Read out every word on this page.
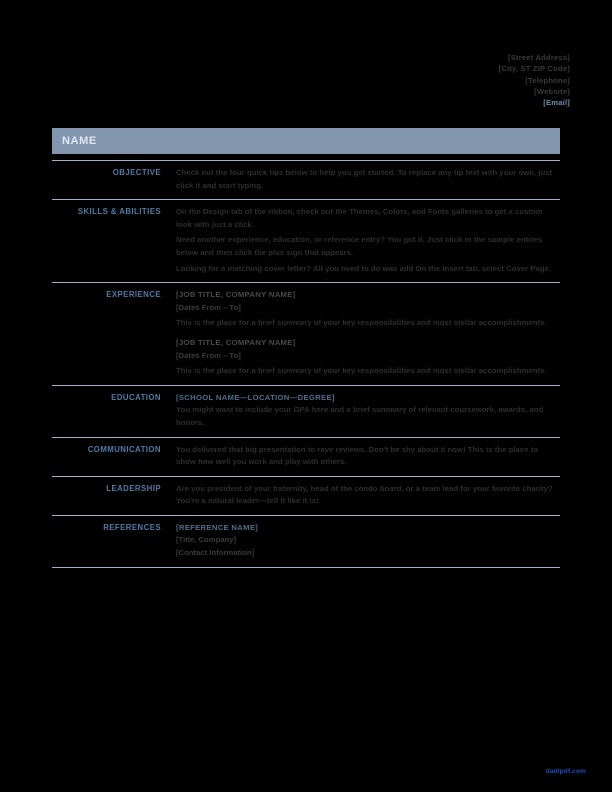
[Street Address]
[City, ST ZIP Code]
[Telephone]
[Website]
[Email]
NAME
OBJECTIVE Check out the four quick tips below to help you get started. To replace any tip text with your own, just click it and start typing.
SKILLS & ABILITIES On the Design tab of the ribbon, check out the Themes, Colors, and Fonts galleries to get a custom look with just a click.
Need another experience, education, or reference entry? You got it. Just click in the sample entries below and then click the plus sign that appears.
Looking for a matching cover letter? All you need to do was add On the Insert tab, select Cover Page.
EXPERIENCE [JOB TITLE, COMPANY NAME]
[Dates From – To]
This is the place for a brief summary of your key responsibilities and most stellar accomplishments.
[JOB TITLE, COMPANY NAME]
[Dates From – To]
This is the place for a brief summary of your key responsibilities and most stellar accomplishments.
EDUCATION [SCHOOL NAME—LOCATION—DEGREE]
You might want to include your GPA here and a brief summary of relevant coursework, awards, and honors.
COMMUNICATION You delivered that big presentation to rave reviews. Don't be shy about it now! This is the place to show how well you work and play with others.
LEADERSHIP Are you president of your fraternity, head of the condo board, or a team lead for your favorite charity? You're a natural leader—tell it like it is!
REFERENCES [REFERENCE NAME]
[Title, Company]
[Contact Information]
dadipdf.com
